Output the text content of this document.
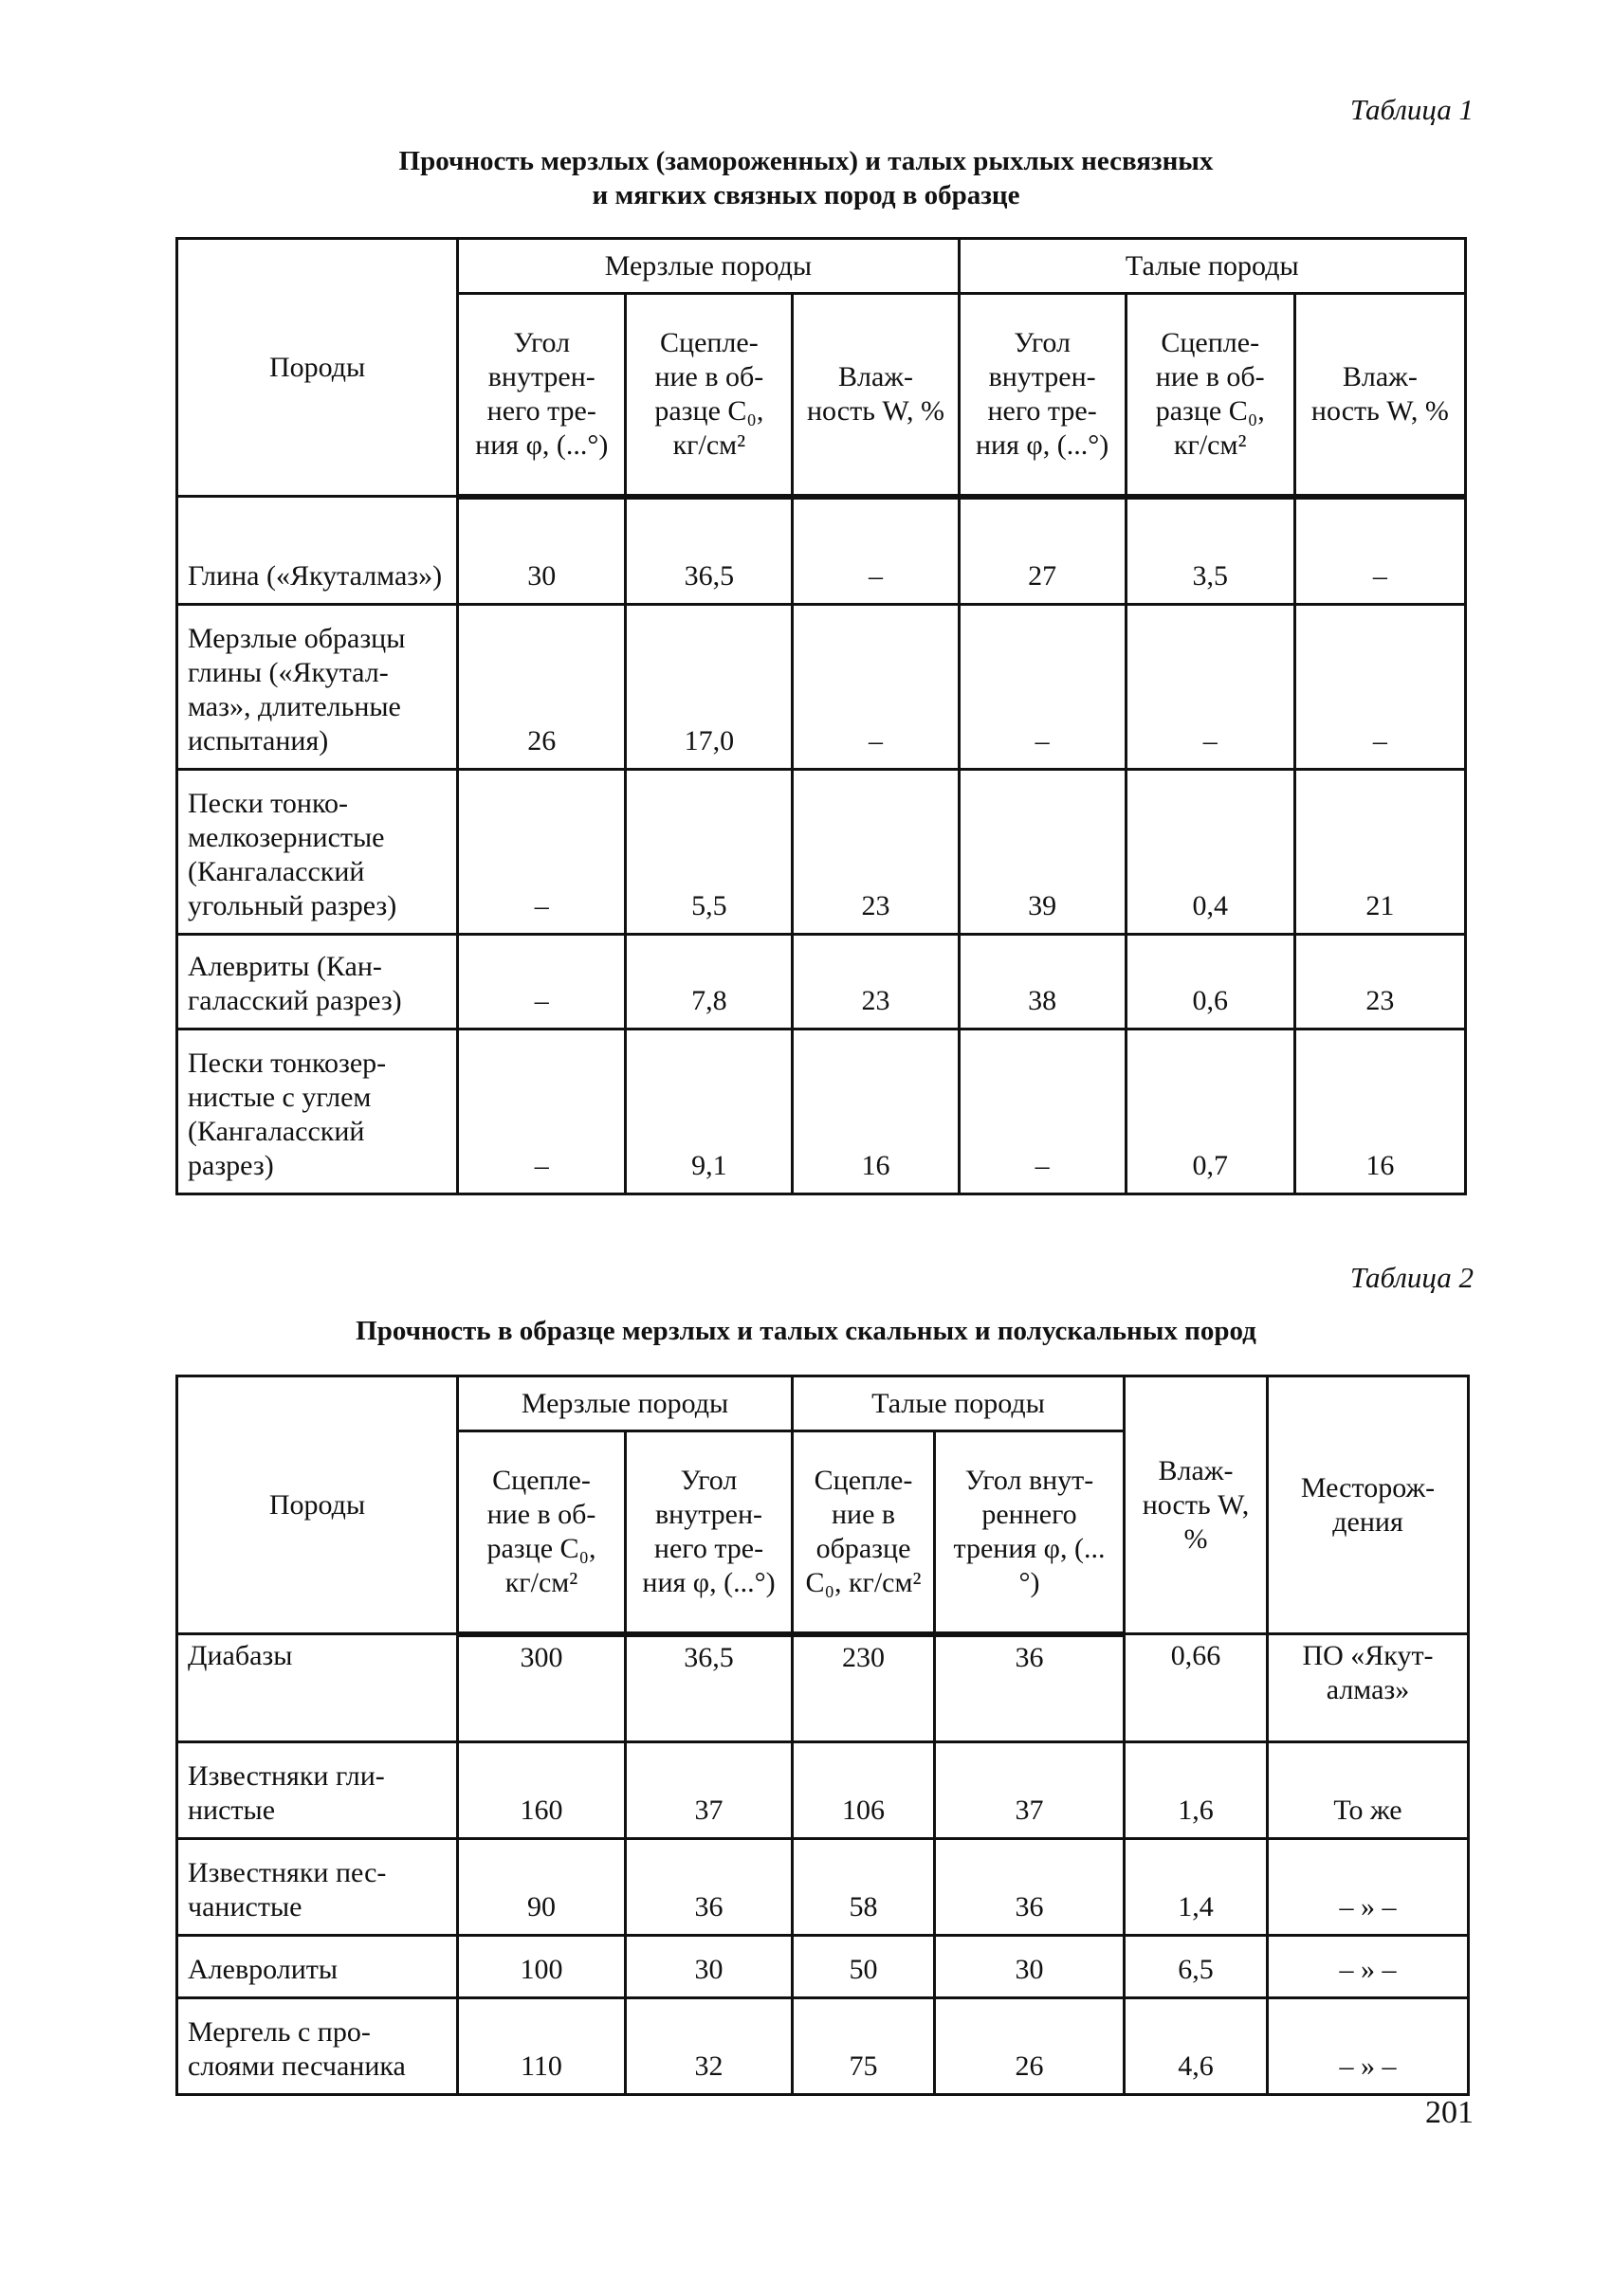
Таблица 1
Прочность мерзлых (замороженных) и талых рыхлых несвязных
и мягких связных пород в образце
Породы	Мерзлые породы			Талые породы		
	Угол внутрен- него тре- ния φ, (...°)	Сцепле- ние в об- разце C₀, кг/см²	Влаж- ность W, %	Угол внутрен- него тре- ния φ, (...°)	Сцепле- ние в об- разце C₀, кг/см²	Влаж- ность W, %
Глина («Якуталмаз»)	30	36,5	–	27	3,5	–
Мерзлые образцы глины («Якутал- маз», длительные испытания)	26	17,0	–	–	–	–
Пески тонко- мелкозернистые (Кангаласский угольный разрез)	–	5,5	23	39	0,4	21
Алевриты (Кан- галасский разрез)	–	7,8	23	38	0,6	23
Пески тонкозер- нистые с углем (Кангаласский разрез)	–	9,1	16	–	0,7	16
Таблица 2
Прочность в образце мерзлых и талых скальных и полускальных пород
Породы	Мерзлые породы		Талые породы		Влаж- ность W, %	Месторож- дения
	Сцепле- ние в об- разце C₀, кг/см²	Угол внутрен- него тре- ния φ, (...°)	Сцепле- ние в образце C₀, кг/см²	Угол внут- реннего трения φ, (...°)		
Диабазы	300	36,5	230	36	0,66	ПО «Якут- алмаз»
Известняки гли- нистые	160	37	106	37	1,6	То же
Известняки пес- чанистые	90	36	58	36	1,4	– » –
Алевролиты	100	30	50	30	6,5	– » –
Мергель с про- слоями песчаника	110	32	75	26	4,6	– » –
201
